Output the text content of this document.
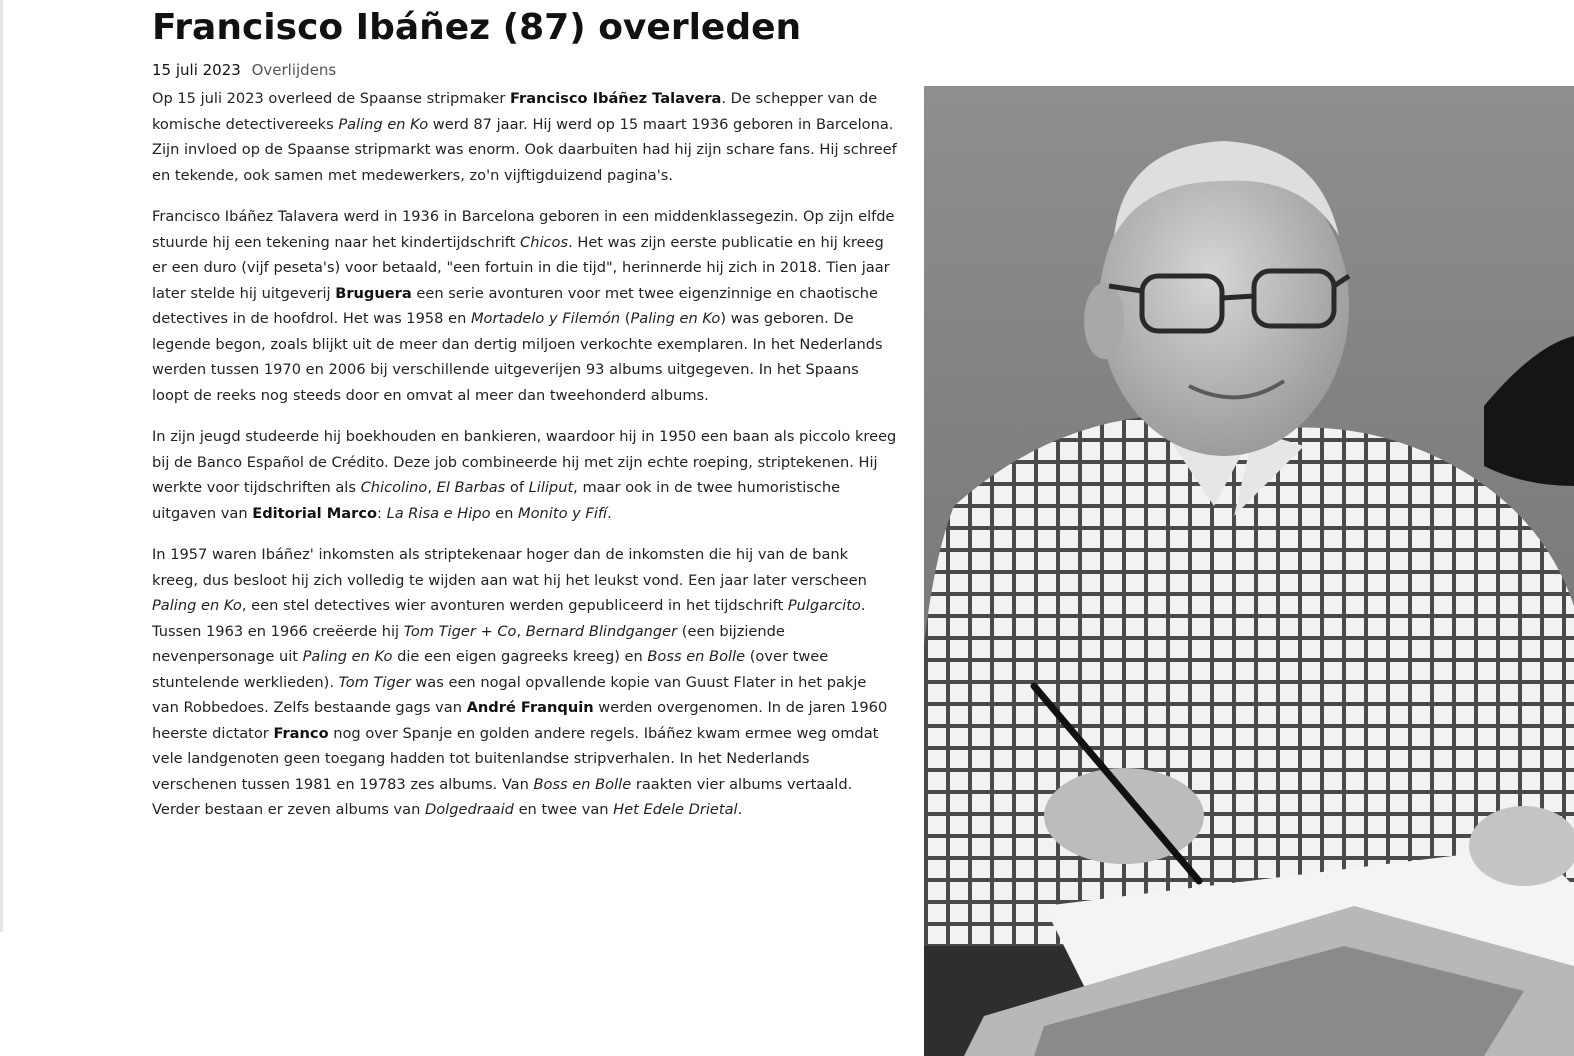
Francisco Ibáñez (87) overleden
15 juli 2023 Overlijdens

Op 15 juli 2023 overleed de Spaanse stripmaker Francisco Ibáñez Talavera. De schepper van de komische detectivereeks Paling en Ko werd 87 jaar. Hij werd op 15 maart 1936 geboren in Barcelona. Zijn invloed op de Spaanse stripmarkt was enorm. Ook daarbuiten had hij zijn schare fans. Hij schreef en tekende, ook samen met medewerkers, zo'n vijftigduizend pagina's.

Francisco Ibáñez Talavera werd in 1936 in Barcelona geboren in een middenklassegezin. Op zijn elfde stuurde hij een tekening naar het kindertijdschrift Chicos. Het was zijn eerste publicatie en hij kreeg er een duro (vijf peseta's) voor betaald, "een fortuin in die tijd", herinnerde hij zich in 2018. Tien jaar later stelde hij uitgeverij Bruguera een serie avonturen voor met twee eigenzinnige en chaotische detectives in de hoofdrol. Het was 1958 en Mortadelo y Filemón (Paling en Ko) was geboren. De legende begon, zoals blijkt uit de meer dan dertig miljoen verkochte exemplaren. In het Nederlands werden tussen 1970 en 2006 bij verschillende uitgeverijen 93 albums uitgegeven. In het Spaans loopt de reeks nog steeds door en omvat al meer dan tweehonderd albums.

In zijn jeugd studeerde hij boekhouden en bankieren, waardoor hij in 1950 een baan als piccolo kreeg bij de Banco Español de Crédito. Deze job combineerde hij met zijn echte roeping, striptekenen. Hij werkte voor tijdschriften als Chicolino, El Barbas of Liliput, maar ook in de twee humoristische uitgaven van Editorial Marco: La Risa e Hipo en Monito y Fifí.

In 1957 waren Ibáñez' inkomsten als striptekenaar hoger dan de inkomsten die hij van de bank kreeg, dus besloot hij zich volledig te wijden aan wat hij het leukst vond. Een jaar later verscheen Paling en Ko, een stel detectives wier avonturen werden gepubliceerd in het tijdschrift Pulgarcito. Tussen 1963 en 1966 creëerde hij Tom Tiger + Co, Bernard Blindganger (een bijziende nevenpersonage uit Paling en Ko die een eigen gagreeks kreeg) en Boss en Bolle (over twee stuntelende werklieden). Tom Tiger was een nogal opvallende kopie van Guust Flater in het pakje van Robbedoes. Zelfs bestaande gags van André Franquin werden overgenomen. In de jaren 1960 heerste dictator Franco nog over Spanje en golden andere regels. Ibáñez kwam ermee weg omdat vele landgenoten geen toegang hadden tot buitenlandse stripverhalen. In het Nederlands verschenen tussen 1981 en 19783 zes albums. Van Boss en Bolle raakten vier albums vertaald. Verder bestaan er zeven albums van Dolgedraaid en twee van Het Edele Drietal.
